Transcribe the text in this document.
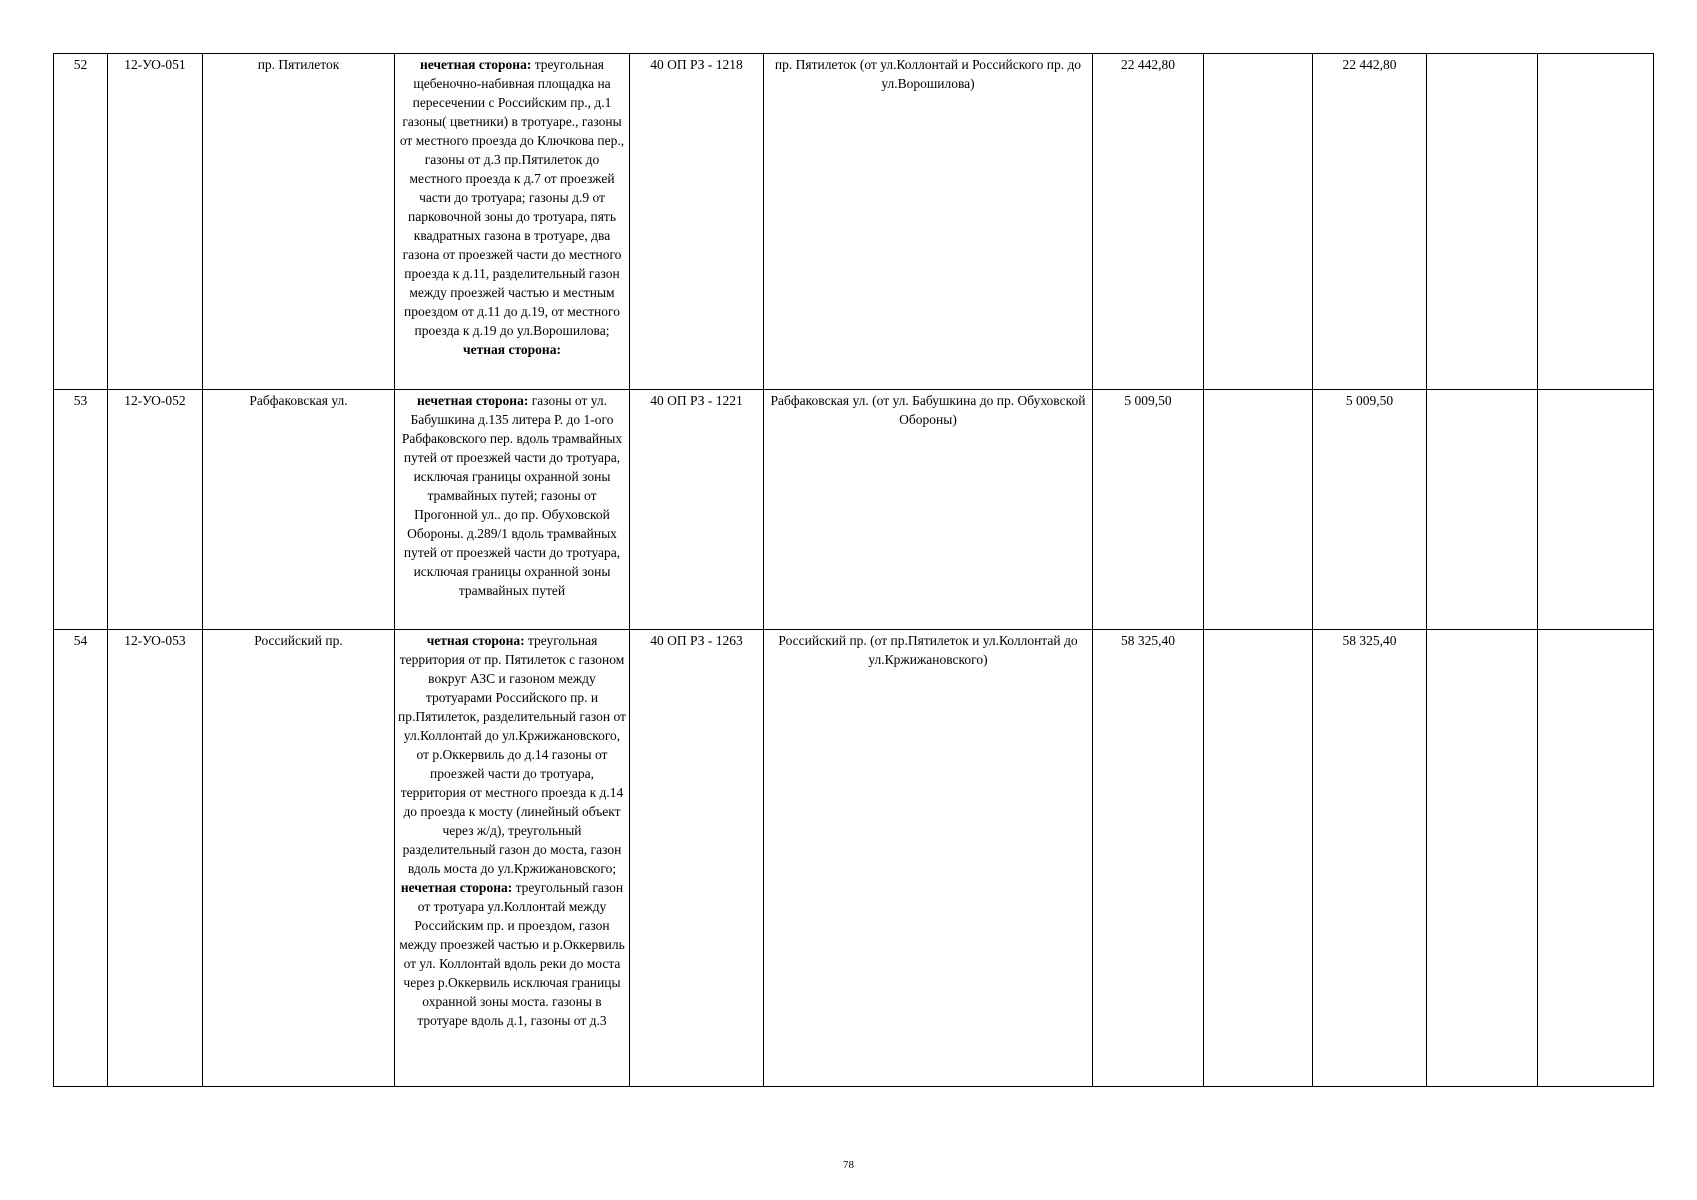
52	12-УО-051	пр. Пятилеток	нечетная сторона: треугольная щебеночно-набивная площадка на пересечении с Российским пр., д.1 газоны( цветники) в тротуаре., газоны от местного проезда до Ключкова пер., газоны от д.3 пр.Пятилеток до местного проезда к д.7 от проезжей части до тротуара; газоны д.9 от парковочной зоны до тротуара, пять квадратных газона в тротуаре, два газона от проезжей части до местного проезда к д.11, разделительный газон между проезжей частью и местным проездом от д.11 до д.19, от местного проезда к д.19 до ул.Ворошилова; четная сторона:	40 ОП РЗ - 1218	пр. Пятилеток (от ул.Коллонтай и Российского пр. до ул.Ворошилова)	22 442,80		22 442,80		

53	12-УО-052	Рабфаковская ул.	нечетная сторона: газоны от ул. Бабушкина д.135 литера Р. до 1-ого Рабфаковского пер. вдоль трамвайных путей от проезжей части до тротуара, исключая границы охранной зоны трамвайных путей; газоны от Прогонной ул.. до пр. Обуховской Обороны. д.289/1 вдоль трамвайных путей от проезжей части до тротуара, исключая границы охранной зоны трамвайных путей	40 ОП РЗ - 1221	Рабфаковская ул. (от ул. Бабушкина до пр. Обуховской Обороны)	5 009,50		5 009,50		

54	12-УО-053	Российский пр.	четная сторона: треугольная территория от пр. Пятилеток с газоном вокруг АЗС и газоном между тротуарами Российского пр. и пр.Пятилеток, разделительный газон от ул.Коллонтай до ул.Кржижановского, от р.Оккервиль до д.14 газоны от проезжей части до тротуара, территория от местного проезда к д.14 до проезда к мосту (линейный объект через ж/д), треугольный разделительный газон до моста, газон вдоль моста до ул.Кржижановского; нечетная сторона: треугольный газон от тротуара ул.Коллонтай между Российским пр. и проездом, газон между проезжей частью и р.Оккервиль от ул. Коллонтай вдоль реки до моста через р.Оккервиль исключая границы охранной зоны моста. газоны в тротуаре вдоль д.1, газоны от д.3	40 ОП РЗ - 1263	Российский пр. (от пр.Пятилеток и ул.Коллонтай до ул.Кржижановского)	58 325,40		58 325,40		

78
